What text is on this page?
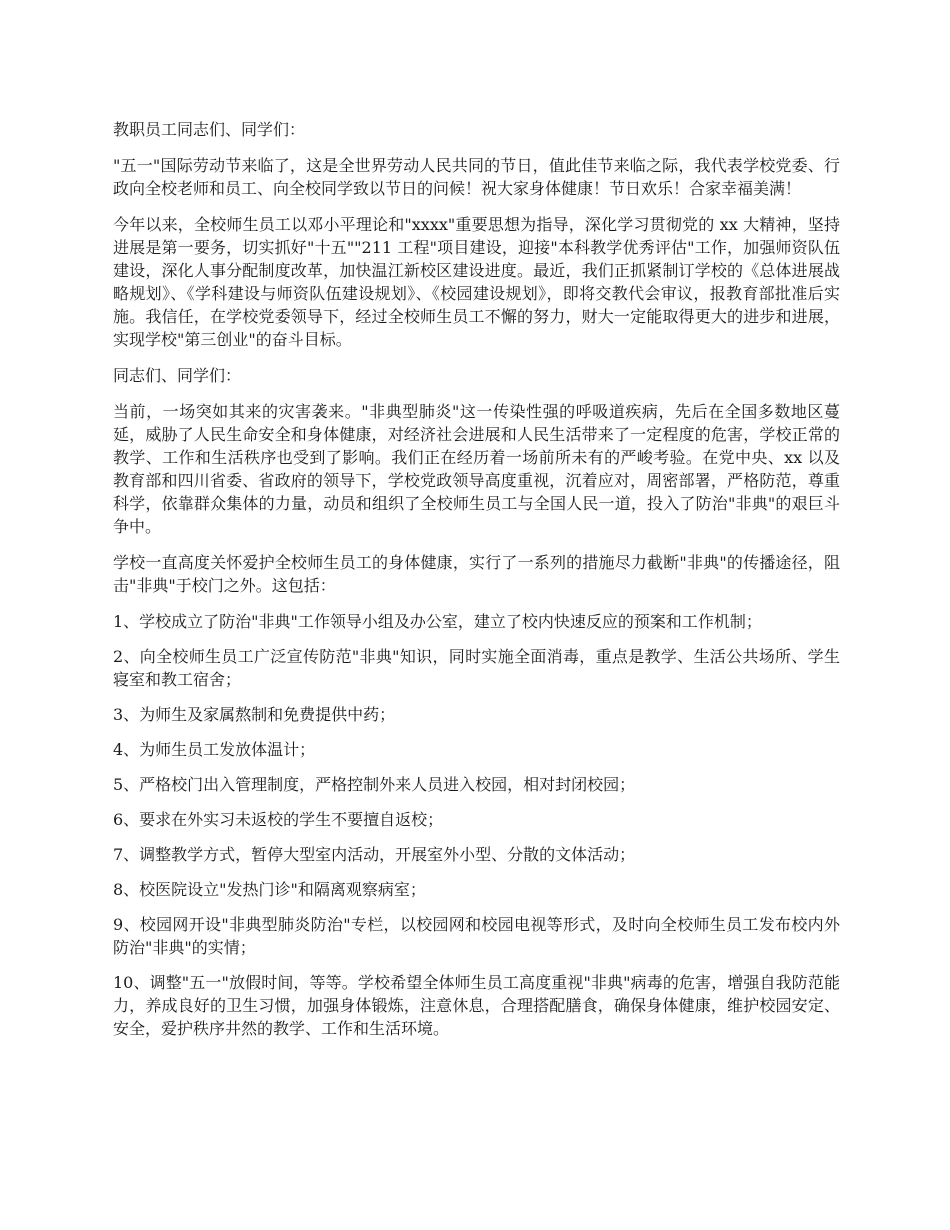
教职员工同志们、同学们：

"五一"国际劳动节来临了，这是全世界劳动人民共同的节日，值此佳节来临之际，我代表学校党委、行政向全校老师和员工、向全校同学致以节日的问候！祝大家身体健康！节日欢乐！合家幸福美满！

今年以来，全校师生员工以邓小平理论和"xxxx"重要思想为指导，深化学习贯彻党的 xx 大精神，坚持进展是第一要务，切实抓好"十五""211 工程"项目建设，迎接"本科教学优秀评估"工作，加强师资队伍建设，深化人事分配制度改革，加快温江新校区建设进度。最近，我们正抓紧制订学校的《总体进展战略规划》、《学科建设与师资队伍建设规划》、《校园建设规划》，即将交教代会审议，报教育部批准后实施。我信任，在学校党委领导下，经过全校师生员工不懈的努力，财大一定能取得更大的进步和进展，实现学校"第三创业"的奋斗目标。

同志们、同学们：

当前，一场突如其来的灾害袭来。"非典型肺炎"这一传染性强的呼吸道疾病，先后在全国多数地区蔓延，威胁了人民生命安全和身体健康，对经济社会进展和人民生活带来了一定程度的危害，学校正常的教学、工作和生活秩序也受到了影响。我们正在经历着一场前所未有的严峻考验。在党中央、xx 以及教育部和四川省委、省政府的领导下，学校党政领导高度重视，沉着应对，周密部署，严格防范，尊重科学，依靠群众集体的力量，动员和组织了全校师生员工与全国人民一道，投入了防治"非典"的艰巨斗争中。

学校一直高度关怀爱护全校师生员工的身体健康，实行了一系列的措施尽力截断"非典"的传播途径，阻击"非典"于校门之外。这包括：

1、学校成立了防治"非典"工作领导小组及办公室，建立了校内快速反应的预案和工作机制；

2、向全校师生员工广泛宣传防范"非典"知识，同时实施全面消毒，重点是教学、生活公共场所、学生寝室和教工宿舍；

3、为师生及家属熬制和免费提供中药；

4、为师生员工发放体温计；

5、严格校门出入管理制度，严格控制外来人员进入校园，相对封闭校园；

6、要求在外实习未返校的学生不要擅自返校；

7、调整教学方式，暂停大型室内活动，开展室外小型、分散的文体活动；

8、校医院设立"发热门诊"和隔离观察病室；

9、校园网开设"非典型肺炎防治"专栏，以校园网和校园电视等形式，及时向全校师生员工发布校内外防治"非典"的实情；

10、调整"五一"放假时间，等等。学校希望全体师生员工高度重视"非典"病毒的危害，增强自我防范能力，养成良好的卫生习惯，加强身体锻炼，注意休息，合理搭配膳食，确保身体健康，维护校园安定、安全，爱护秩序井然的教学、工作和生活环境。
